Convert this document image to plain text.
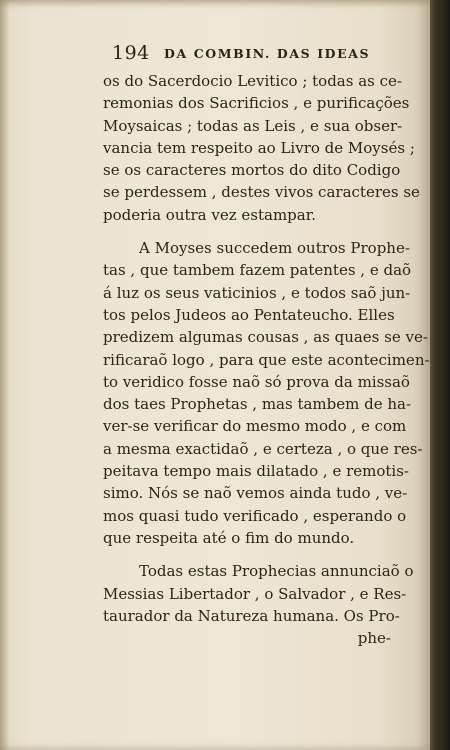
194 DA COMBIN. DAS IDEAS
os do Sacerdocio Levitico ; todas as ce-
remonias dos Sacrificios , e purificações
Moysaicas ; todas as Leis , e sua obser-
vancia tem respeito ao Livro de Moysés ;
se os caracteres mortos do dito Codigo
se perdessem , destes vivos caracteres se
poderia outra vez estampar.
A Moyses succedem outros Prophe-
tas , que tambem fazem patentes , e daõ
á luz os seus vaticinios , e todos saõ jun-
tos pelos Judeos ao Pentateucho. Elles
predizem algumas cousas , as quaes se ve-
rificaraõ logo , para que este acontecimen-
to veridico fosse naõ só prova da missaõ
dos taes Prophetas , mas tambem de ha-
ver-se verificar do mesmo modo , e com
a mesma exactidaõ , e certeza , o que res-
peitava tempo mais dilatado , e remotis-
simo. Nós se naõ vemos ainda tudo , ve-
mos quasi tudo verificado , esperando o
que respeita até o fim do mundo.
Todas estas Prophecias annunciaõ o
Messias Libertador , o Salvador , e Res-
taurador da Natureza humana. Os Pro-
phe-
